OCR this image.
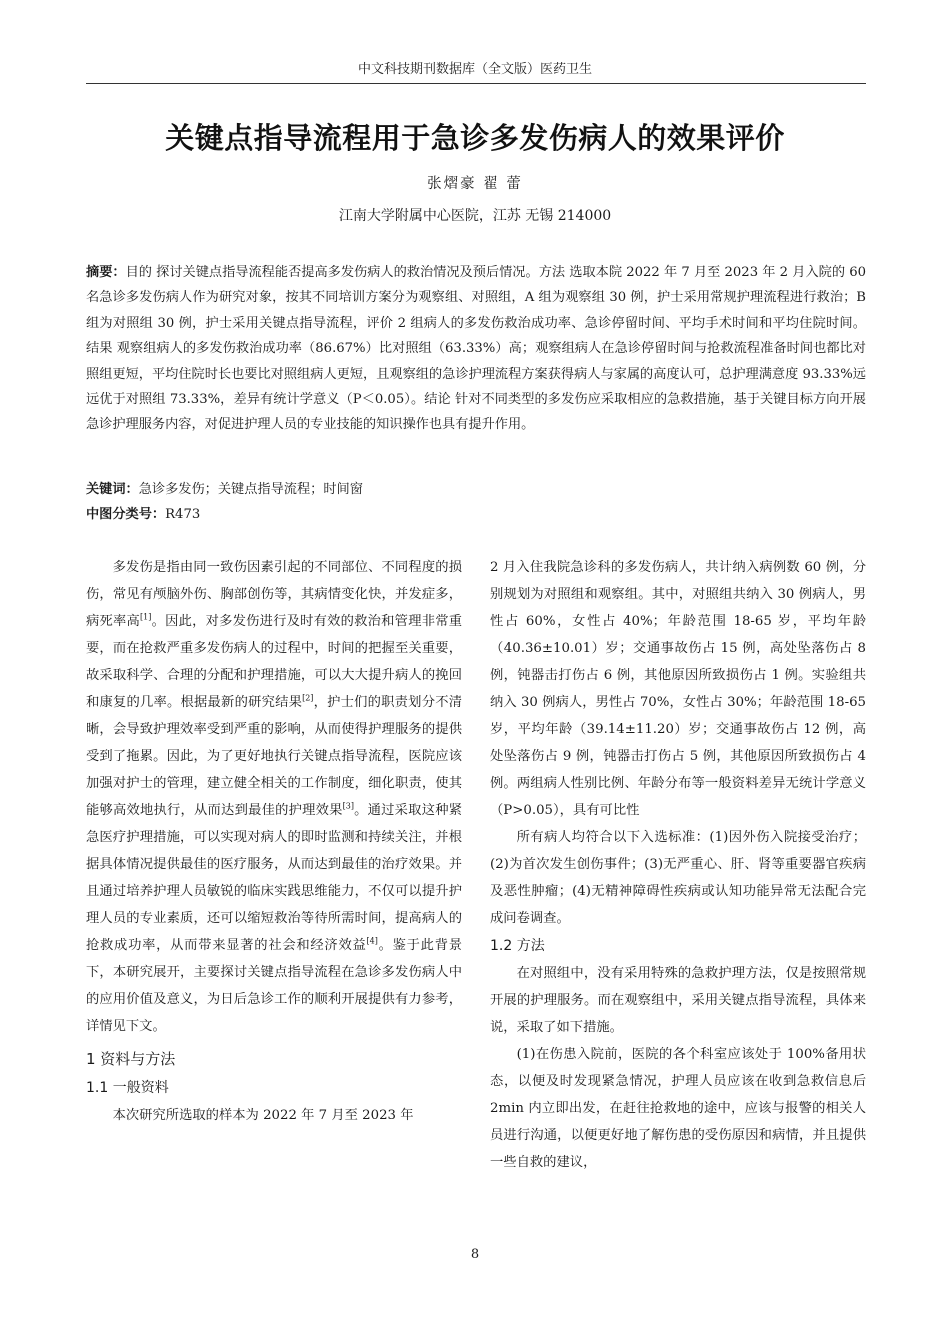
中文科技期刊数据库（全文版）医药卫生
关键点指导流程用于急诊多发伤病人的效果评价
张熠豪 翟 蕾
江南大学附属中心医院，江苏 无锡 214000
摘要：目的 探讨关键点指导流程能否提高多发伤病人的救治情况及预后情况。方法 选取本院 2022 年 7 月至 2023 年 2 月入院的 60 名急诊多发伤病人作为研究对象，按其不同培训方案分为观察组、对照组，A 组为观察组 30 例，护士采用常规护理流程进行救治；B 组为对照组 30 例，护士采用关键点指导流程，评价 2 组病人的多发伤救治成功率、急诊停留时间、平均手术时间和平均住院时间。结果 观察组病人的多发伤救治成功率（86.67%）比对照组（63.33%）高；观察组病人在急诊停留时间与抢救流程准备时间也都比对照组更短，平均住院时长也要比对照组病人更短，且观察组的急诊护理流程方案获得病人与家属的高度认可，总护理满意度 93.33%远远优于对照组 73.33%，差异有统计学意义（P＜0.05）。结论 针对不同类型的多发伤应采取相应的急救措施，基于关键目标方向开展急诊护理服务内容，对促进护理人员的专业技能的知识操作也具有提升作用。
关键词：急诊多发伤；关键点指导流程；时间窗
中图分类号：R473

多发伤是指由同一致伤因素引起的不同部位、不同程度的损伤，常见有颅脑外伤、胸部创伤等，其病情变化快，并发症多，病死率高[1]。因此，对多发伤进行及时有效的救治和管理非常重要，而在抢救严重多发伤病人的过程中，时间的把握至关重要，故采取科学、合理的分配和护理措施，可以大大提升病人的挽回和康复的几率。根据最新的研究结果[2]，护士们的职责划分不清晰，会导致护理效率受到严重的影响，从而使得护理服务的提供受到了拖累。因此，为了更好地执行关键点指导流程，医院应该加强对护士的管理，建立健全相关的工作制度，细化职责，使其能够高效地执行，从而达到最佳的护理效果[3]。通过采取这种紧急医疗护理措施，可以实现对病人的即时监测和持续关注，并根据具体情况提供最佳的医疗服务，从而达到最佳的治疗效果。并且通过培养护理人员敏锐的临床实践思维能力，不仅可以提升护理人员的专业素质，还可以缩短救治等待所需时间，提高病人的抢救成功率，从而带来显著的社会和经济效益[4]。鉴于此背景下，本研究展开，主要探讨关键点指导流程在急诊多发伤病人中的应用价值及意义，为日后急诊工作的顺利开展提供有力参考，详情见下文。

1 资料与方法
1.1 一般资料

本次研究所选取的样本为 2022 年 7 月至 2023 年

2 月入住我院急诊科的多发伤病人，共计纳入病例数 60 例，分别规划为对照组和观察组。其中，对照组共纳入 30 例病人，男性占 60%，女性占 40%；年龄范围 18-65 岁，平均年龄（40.36±10.01）岁；交通事故伤占 15 例，高处坠落伤占 8 例，钝器击打伤占 6 例，其他原因所致损伤占 1 例。实验组共纳入 30 例病人，男性占 70%，女性占 30%；年龄范围 18-65 岁，平均年龄（39.14±11.20）岁；交通事故伤占 12 例，高处坠落伤占 9 例，钝器击打伤占 5 例，其他原因所致损伤占 4 例。两组病人性别比例、年龄分布等一般资料差异无统计学意义（P>0.05），具有可比性

所有病人均符合以下入选标准：(1)因外伤入院接受治疗；(2)为首次发生创伤事件；(3)无严重心、肝、肾等重要器官疾病及恶性肿瘤；(4)无精神障碍性疾病或认知功能异常无法配合完成问卷调查。

1.2 方法

在对照组中，没有采用特殊的急救护理方法，仅是按照常规开展的护理服务。而在观察组中，采用关键点指导流程，具体来说，采取了如下措施。

(1)在伤患入院前，医院的各个科室应该处于 100%备用状态，以便及时发现紧急情况，护理人员应该在收到急救信息后 2min 内立即出发，在赶往抢救地的途中，应该与报警的相关人员进行沟通，以便更好地了解伤患的受伤原因和病情，并且提供一些自救的建议，

8
